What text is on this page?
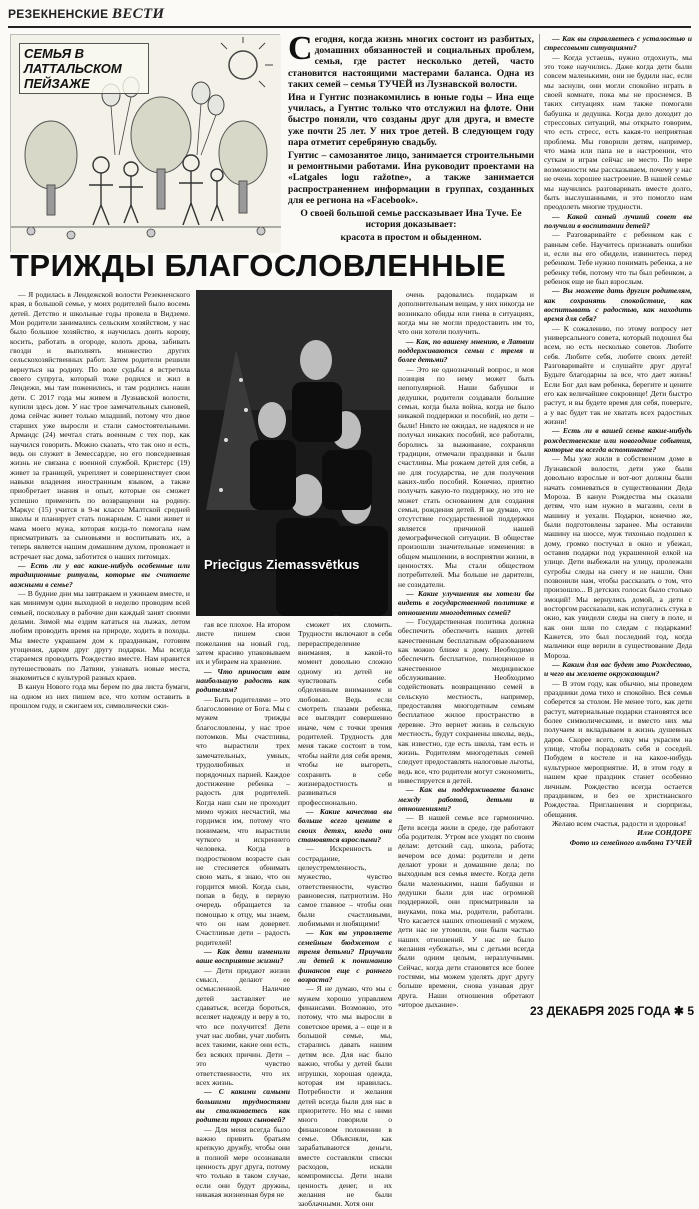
РЕЗЕКНЕНСКИЕ ВЕСТИ
СЕМЬЯ В ЛАТТАЛЬСКОМ ПЕЙЗАЖЕ

Сегодня, когда жизнь многих состоит из разбитых, домашних обязанностей и социальных проблем, семья, где растет несколько детей, часто становится настоящими мастерами баланса. Одна из таких семей – семья ТУЧЕЙ из Лузнавской волости.

Ина и Гунтис познакомились в юные годы – Ина еще училась, а Гунтис только что отслужил на флоте. Они быстро поняли, что созданы друг для друга, и вместе уже почти 25 лет. У них трое детей. В следующем году пара отметит серебряную свадьбу.

Гунтис – самозанятое лицо, занимается строительными и ремонтными работами. Ина руководит проектами на «Latgales logu ražotne», а также занимается распространением информации в группах, созданных для ее региона на «Facebook».

О своей большой семье рассказывает Ина Туче. Ее история доказывает:

красота в простом и обыденном.

ТРИЖДЫ БЛАГОСЛОВЛЕННЫЕ

— Я родилась в Лендежской волости Резекненского края, в большой семье, у моих родителей было восемь детей. Детство и школьные годы провела в Видземе. Мои родители занимались сельским хозяйством, у нас было большое хозяйство, я научилась доить корову, косить, работать в огороде, колоть дрова, забивать гвозди и выполнять множество других сельскохозяйственных работ. Затем родители решили вернуться на родину. По воле судьбы я встретила своего супруга, который тоже родился и жил в Лендежи, мы там поженились, и там родились наши дети. С 2017 года мы живем в Лузнавской волости, купили здесь дом. У нас трое замечательных сыновей, дома сейчас живет только младший, потому что двое старших уже выросли и стали самостоятельными. Армандс (24) мечтал стать военным с тех пор, как научился говорить. Можно сказать, что так оно и есть, ведь он служит в Земессардзе, но его повседневная жизнь не связана с военной службой. Кристерс (19) живет за границей, укрепляет и совершенствует свои навыки владения иностранным языком, а также приобретает знания и опыт, которые он сможет успешно применить по возвращении на родину. Маркус (15) учится в 9-м классе Малтской средней школы и планирует стать пожарным. С нами живет и мама моего мужа, которая когда-то помогала нам присматривать за сыновьями и воспитывать их, а теперь является нашим домашним духом, провожает и встречает нас дома, заботится о наших питомцах.

— Есть ли у вас какие-нибудь особенные или традиционные ритуалы, которые вы считаете важными в семье?

— В будние дни мы завтракаем и ужинаем вместе, и как минимум один выходной в неделю проводим всей семьей, поскольку в рабочие дни каждый занят своими делами. Зимой мы ездим кататься на лыжах, летом любим проводить время на природе, ходить в походы. Мы вместе украшаем дом к праздникам, готовим угощения, дарим друг другу подарки. Мы всегда стараемся проводить Рождество вместе. Нам нравится путешествовать по Латвии, узнавать новые места, знакомиться с культурой разных краев.

В канун Нового года мы берем по два листа бумаги, на одном из них пишем все, что хотим оставить в прошлом году, и сжигаем их, символически сжи-

Priecīgus Ziemassvētkus

гая все плохое. На втором листе пишем свои пожелания на новый год, затем красиво упаковываем их и убираем на хранение.

— Что приносит вам наибольшую радость как родителям?

— Быть родителями – это благословение от Бога. Мы с мужем трижды благословлены, у нас трое потомков. Мы счастливы, что вырастили трех замечательных, умных, трудолюбивых и порядочных парней. Каждое достижение ребенка – радость для родителей. Когда наш сын не проходит мимо чужих несчастий, мы гордимся им, потому что понимаем, что вырастили чуткого и искреннего человека. Когда в подростковом возрасте сын не стесняется обнимать свою мать, я знаю, что он гордится мной. Когда сын, попав в беду, в первую очередь обращается за помощью к отцу, мы знаем, что он нам доверяет. Счастливые дети – радость родителей!

— Как дети изменили ваше восприятие жизни?

— Дети придают жизни смысл, делают ее осмысленной. Наличие детей заставляет не сдаваться, всегда бороться, вселяет надежду и веру в то, что все получится! Дети учат нас любви, учат любить всех такими, какие они есть, без всяких причин. Дети – это чувство ответственности, что их всех жизнь.

— С какими самыми большими трудностями вы сталкиваетесь как родители троих сыновей?

— Для меня всегда было важно привить братьям крепкую дружбу, чтобы они в полной мере осознавали ценность друг друга, потому что только в таком случае, если они будут дружны, никакая жизненная буря не

сможет их сломить. Трудности включают в себя перераспределение внимания, в какой-то момент довольно сложно одному из детей не чувствовать себя обделенным вниманием и любовью. Ведь если смотреть глазами ребенка, все выглядит совершенно иначе, чем с точки зрения родителей. Трудность для меня также состоит в том, чтобы найти для себя время, чтобы не выгореть, сохранить в себе жизнерадостность и развиваться профессионально.

— Какие качества вы больше всего цените в своих детях, когда они становятся взрослыми?

— Искренность и сострадание, целеустремленность, мужество, чувство ответственности, чувство равновесия, патриотизм. Но самое главное – чтобы они были счастливыми, любимыми и любящими!

— Как вы управляете семейным бюджетом с тремя детьми? Приучали ли детей к пониманию финансов еще с раннего возраста?

— Я не думаю, что мы с мужем хорошо управляем финансами. Возможно, это потому, что мы выросли в советское время, а – еще и в большой семье, мы, старались давать нашим детям все. Для нас было важно, чтобы у детей были игрушки, хорошая одежда, которая им нравилась. Потребности и желания детей всегда были для нас в приоритете. Но мы с ними много говорили о финансовом положении в семье. Объясняли, как зарабатываются деньги, вместе составляли списки расходов, искали компромиссы. Дети знали ценность денег, и их желания не были заоблачными. Хотя они

очень радовались подаркам и дополнительным вещам, у них никогда не возникало обиды или гнева в ситуациях, когда мы не могли предоставить им то, что они хотели получить.

— Как, по вашему мнению, в Латвии поддерживаются семьи с тремя и более детьми?

— Это не однозначный вопрос, и моя позиция по нему может быть непопулярной. Наши бабушки и дедушки, родители создавали большие семьи, когда была война, когда не было никакой поддержки и пособий, но дети – были! Никто не ожидал, не надеялся и не получал никаких пособий, все работали, боролись за выживание, сохраняли традиции, отмечали праздники и были счастливы. Мы рожаем детей для себя, а не для государства, не для получения каких-либо пособий. Конечно, приятно получать какую-то поддержку, но это не может стать основанием для создания семьи, рождения детей. Я не думаю, что отсутствие государственной поддержки является причиной нашей демографической ситуации. В обществе произошли значительные изменения: в общем мышлении, в восприятии жизни, в ценностях. Мы стали обществом потребителей. Мы больше не дарители, не созидатели.

— Какие улучшения вы хотели бы видеть в государственной политике в отношении многодетных семей?

— Государственная политика должна обеспечить обеспечить наших детей качественным бесплатным образованием как можно ближе к дому. Необходимо обеспечить бесплатное, полноценное и качественное медицинское обслуживание. Необходимо содействовать возвращению семей в сельскую местность, например, предоставляя многодетным семьям бесплатное жилое пространство в деревне. Это вернет жизнь в сельскую местность, будут сохранены школы, ведь, как известно, где есть школа, там есть и жизнь. Родителям многодетных семей следует предоставлять налоговые льготы, ведь все, что родители могут сэкономить, инвестируется в детей.

— Как вы поддерживаете баланс между работой, детьми и отношениями?

— В нашей семье все гармонично. Дети всегда жили в среде, где работают оба родителя. Утром все уходят по своим делам: детский сад, школа, работа; вечером все дома: родители и дети делают уроки и домашние дела; по выходным вся семья вместе. Когда дети были маленькими, наши бабушки и дедушки были для нас огромной поддержкой, они присматривали за внуками, пока мы, родители, работали. Что касается наших отношений с мужем, дети нас не утомили, они были частью наших отношений. У нас не было желания «убежать», мы с детьми всегда были одним целым, неразлучными. Сейчас, когда дети становятся все более гостями, мы можем уделять друг другу больше времени, снова узнавая друг друга. Наши отношения обретают «второе дыхание».

— Как вы справляетесь с усталостью и стрессовыми ситуациями?

— Когда устаешь, нужно отдохнуть, мы это тоже научились. Даже когда дети были совсем маленькими, они не будили нас, если мы заснули, они могли спокойно играть в своей комнате, пока мы не проснемся. В таких ситуациях нам также помогали бабушка и дедушка. Когда дело доходит до стрессовых ситуаций, мы открыто говорим, что есть стресс, есть какая-то неприятная проблема. Мы говорили детям, например, что мама или папа не в настроении, что суткам и играм сейчас не место. По мере возможности мы рассказываем, почему у нас не очень хорошее настроение. В нашей семье мы научились разговаривать вместе долго, быть выслушанными, и это помогло нам преодолеть многие трудности.

— Какой самый лучший совет вы получили в воспитании детей?

— Разговаривайте с ребенком как с равным себе. Научитесь признавать ошибки и, если вы его обидели, извинитесь перед ребенком. Тебе нужно понимать ребенка, а не ребенку тебя, потому что ты был ребенком, а ребенок еще не был взрослым.

— Вы можете дать другим родителям, как сохранять спокойствие, как воспитывать с радостью, как находить время для себя?

— К сожалению, по этому вопросу нет универсального совета, который подошел бы всем, но есть несколько советов. Любите себя. Любите себя, любите своих детей! Разговаривайте и слушайте друг друга! Будьте благодарны за все, что дает жизнь! Если Бог дал вам ребенка, берегите и цените его как величайшее сокровище! Дети быстро растут, и вы будете время для себя, поверьте, а у вас будет так не хватать всех радостных жизни!

— Есть ли в вашей семье какие-нибудь рождественские или новогодние события, которые вы всегда вспоминаете?

— Мы уже жили в собственном доме в Лузнавской волости, дети уже были довольно взрослые и вот-вот должны были начать сомневаться в существовании Деда Мороза. В канун Рождества мы сказали детям, что нам нужно в магазин, сели в машину и уехали. Подарки, конечно же, были подготовлены заранее. Мы оставили машину на шоссе, муж тихонько подошел к дому, громко постучал в окно и убежал, оставив подарки под украшенной елкой на улице. Дети выбежали на улицу, пролежали сугробы следы на снегу и не нашли. Они позвонили нам, чтобы рассказать о том, что произошло... В детских голосах было столько эмоций! Мы вернулись домой, а дети с восторгом рассказали, как испугались стука в окно, как увидели следы на снегу в поле, и как они шли по следам с подарками! Кажется, это был последний год, когда мальчики еще верили в существование Деда Мороза.

— Каким для вас будет это Рождество, и чего вы желаете окружающим?

— В этом году, как обычно, мы проведем праздники дома тихо и спокойно. Вся семья соберется за столом. Не менее того, как дети растут, материальные подарки становятся все более символическими, и вместо них мы получаем и вкладываем в жизнь душевных даров. Скорее всего, елку мы украсим на улице, чтобы порадовать себя и соседей. Побудем в костеле и на какое-нибудь культурное мероприятие. И, в этом году в нашем крае праздник станет особенно личным. Рождество всегда остается праздником, и без ее христианского Рождества. Приглашения и сюрпризы, обещания.

Желаю всем счастья, радости и здоровья!

Илзе СОНДОРЕ

Фото из семейного альбома ТУЧЕЙ

23 ДЕКАБРЯ 2025 ГОДА ✱ 5
